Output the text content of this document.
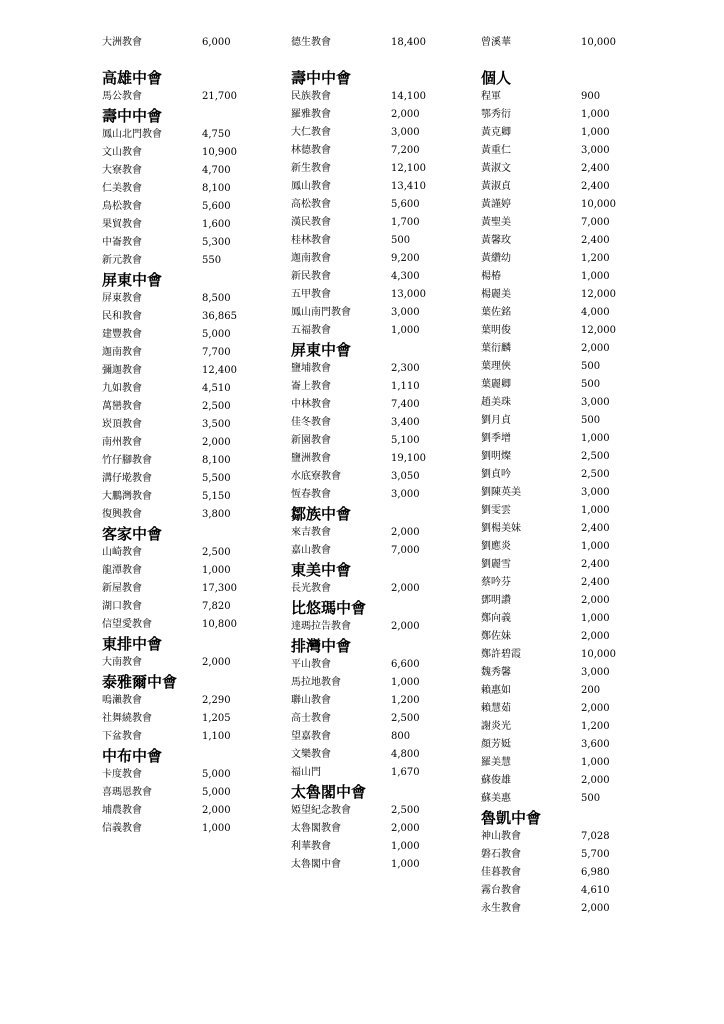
大洲教會	6,000
高雄中會
馬公教會	21,700
壽中中會
鳳山北門教會	4,750
文山教會	10,900
大寮教會	4,700
仁美教會	8,100
鳥松教會	5,600
果貿教會	1,600
中崙教會	5,300
新元教會	550
屏東中會
屏東教會	8,500
民和教會	36,865
建豐教會	5,000
迦南教會	7,700
彌迦教會	12,400
九如教會	4,510
萬巒教會	2,500
崁頂教會	3,500
南州教會	2,000
竹仔腳教會	8,100
溝仔墘教會	5,500
大鵬灣教會	5,150
復興教會	3,800
客家中會
山崎教會	2,500
龍潭教會	1,000
新屋教會	17,300
湖口教會	7,820
信望愛教會	10,800
東排中會
大南教會	2,000
泰雅爾中會
嗚瀨教會	2,290
社舞繞教會	1,205
下盆教會	1,100
中布中會
卡度教會	5,000
喜瑪恩教會	5,000
埔農教會	2,000
信義教會	1,000
德生教會	18,400
壽中中會
民族教會	14,100
羅雅教會	2,000
大仁教會	3,000
林德教會	7,200
新生教會	12,100
鳳山教會	13,410
高松教會	5,600
漢民教會	1,700
桂林教會	500
迦南教會	9,200
新民教會	4,300
五甲教會	13,000
鳳山南門教會	3,000
五福教會	1,000
屏東中會
鹽埔教會	2,300
崙上教會	1,110
中林教會	7,400
佳冬教會	3,400
新園教會	5,100
鹽洲教會	19,100
水底寮教會	3,050
恆春教會	3,000
鄒族中會
來吉教會	2,000
嘉山教會	7,000
東美中會
長光教會	2,000
比悠瑪中會
達瑪拉告教會	2,000
排灣中會
平山教會	6,600
馬拉地教會	1,000
聯山教會	1,200
高士教會	2,500
望嘉教會	800
文樂教會	4,800
福山門	1,670
太魯閣中會
婭望紀念教會	2,500
太魯閣教會	2,000
利華教會	1,000
太魯閣中會	1,000
曾溪華	10,000
個人
程軍	900
鄂秀衍	1,000
黃克卿	1,000
黃重仁	3,000
黃淑文	2,400
黃淑貞	2,400
黃謹婷	10,000
黃聖美	7,000
黃馨玫	2,400
黃纘幼	1,200
楊椿	1,000
楊麗美	12,000
葉佐銘	4,000
葉明俊	12,000
葉衍麟	2,000
葉理俠	500
葉麗卿	500
趙美珠	3,000
劉月貞	500
劉季增	1,000
劉明燦	2,500
劉貞吟	2,500
劉陳英美	3,000
劉雯雲	1,000
劉楊美妹	2,400
劉應炎	1,000
劉麗雪	2,400
蔡吟芬	2,400
鄧明讚	2,000
鄭向義	1,000
鄭佐妹	2,000
鄭許碧霞	10,000
魏秀馨	3,000
賴惠如	200
賴慧茹	2,000
謝炎光	1,200
顏芳娗	3,600
羅美慧	1,000
蘇俊雄	2,000
蘇美惠	500
魯凱中會
神山教會	7,028
磐石教會	5,700
佳暮教會	6,980
霧台教會	4,610
永生教會	2,000
